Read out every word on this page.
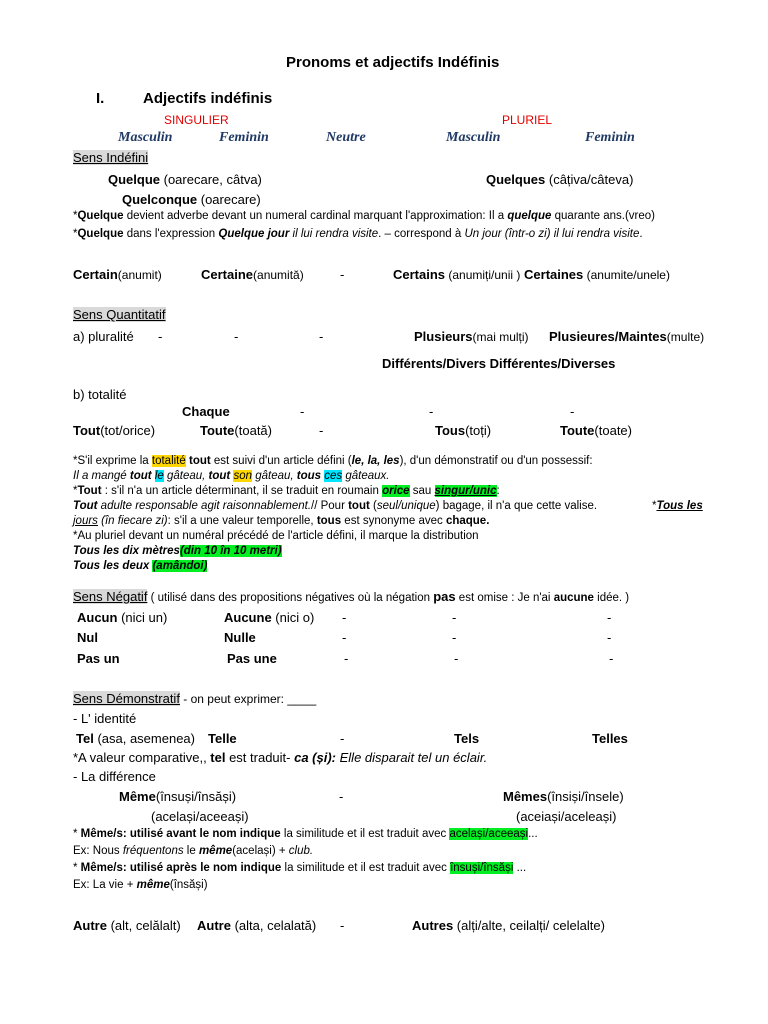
Pronoms et adjectifs Indéfinis
I.	Adjectifs indéfinis
SINGULIER	PLURIEL
Masculin	Feminin	Neutre	Masculin	Feminin
Sens Indéfini
Quelque (oarecare, câtva)	Quelques (câțiva/câteva)
Quelconque (oarecare)
*Quelque devient adverbe devant un numeral cardinal marquant l'approximation: Il a quelque quarante ans.(vreo)
*Quelque dans l'expression Quelque jour il lui rendra visite. – correspond à Un jour (într-o zi) il lui rendra visite.
Certain(anumit)	Certaine(anumită)	-	Certains (anumiți/unii ) Certaines (anumite/unele)
Sens Quantitatif
a) pluralité -	-	-	Plusieurs(mai mulți) Plusieures/Maintes(multe)
Différents/Divers Différentes/Diverses
b) totalité
Chaque	-	-	-
Tout(tot/orice)	Toute(toată)	-	Tous(toți)	Toute(toate)
*S'il exprime la totalité tout est suivi d'un article défini (le, la, les), d'un démonstratif ou d'un possessif:
Il a mangé tout le gâteau, tout son gâteau, tous ces gâteaux.
*Tout : s'il n'a un article déterminant, il se traduit en roumain orice sau singur/unic:
Tout adulte responsable agit raisonnablement.// Pour tout (seul/unique) bagage, il n'a que cette valise.	*Tous les
jours (în fiecare zi): s'il a une valeur temporelle, tous est synonyme avec chaque.
*Au pluriel devant un numéral précédé de l'article défini, il marque la distribution
Tous les dix mètres(din 10 în 10 metri)
Tous les deux (amândoi)
Sens Négatif ( utilisé dans des propositions négatives où la négation pas est omise : Je n'ai aucune idée. )
Aucun (nici un)	Aucune (nici o) -	-	-
Nul	Nulle	-	-	-
Pas un	Pas une	-	-	-
Sens Démonstratif - on peut exprimer: ____
- L' identité
Tel (asa, asemenea) Telle	-	Tels	Telles
*A valeur comparative,, tel est traduit- ca (și): Elle disparait tel un éclair.
- La différence
Même(însuși/însăși)	-	Mêmes(însiși/însele)
(același/aceeași)	(aceiași/aceleași)
* Même/s: utilisé avant le nom indique la similitude et il est traduit avec același/aceeași...
Ex: Nous fréquentons le même(același) + club.
* Même/s: utilisé après le nom indique la similitude et il est traduit avec însuși/însăși ...
Ex: La vie + même(însăși)
Autre (alt, celălalt) Autre (alta, celalată) -	Autres (alți/alte, ceilalți/ celelalte)
